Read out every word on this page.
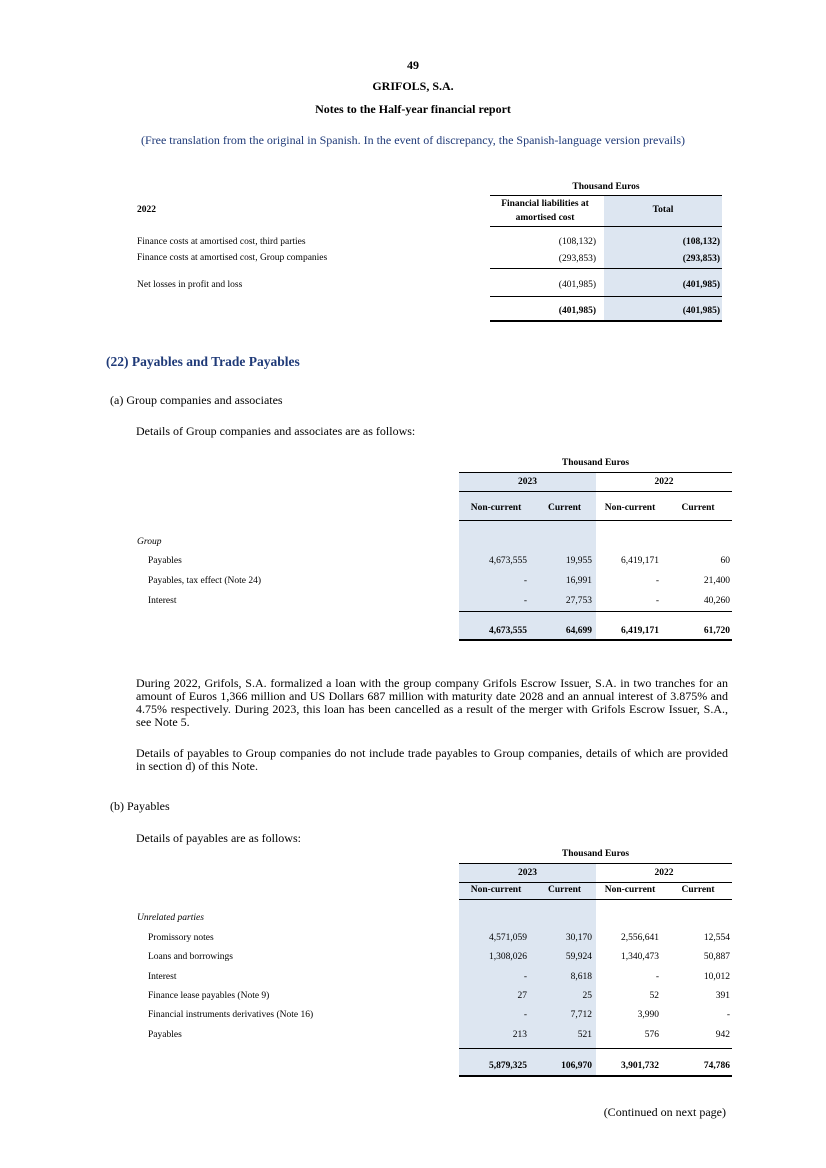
49
GRIFOLS, S.A.
Notes to the Half-year financial report
(Free translation from the original in Spanish. In the event of discrepancy, the Spanish-language version prevails)
Thousand Euros
2022
Financial liabilities at amortised cost
Total
Finance costs at amortised cost, third parties	(108,132)	(108,132)
Finance costs at amortised cost, Group companies	(293,853)	(293,853)
Net losses in profit and loss	(401,985)	(401,985)
(401,985)	(401,985)
(22) Payables and Trade Payables
(a) Group companies and associates
Details of Group companies and associates are as follows:
Thousand Euros
2023	2022
Non-current	Current	Non-current	Current
Group
Payables	4,673,555	19,955	6,419,171	60
Payables, tax effect (Note 24)	-	16,991	-	21,400
Interest	-	27,753	-	40,260
4,673,555	64,699	6,419,171	61,720
During 2022, Grifols, S.A. formalized a loan with the group company Grifols Escrow Issuer, S.A. in two tranches for an amount of Euros 1,366 million and US Dollars 687 million with maturity date 2028 and an annual interest of 3.875% and 4.75% respectively. During 2023, this loan has been cancelled as a result of the merger with Grifols Escrow Issuer, S.A., see Note 5.
Details of payables to Group companies do not include trade payables to Group companies, details of which are provided in section d) of this Note.
(b) Payables
Details of payables are as follows:
Thousand Euros
2023	2022
Non-current	Current	Non-current	Current
Unrelated parties
Promissory notes	4,571,059	30,170	2,556,641	12,554
Loans and borrowings	1,308,026	59,924	1,340,473	50,887
Interest	-	8,618	-	10,012
Finance lease payables (Note 9)	27	25	52	391
Financial instruments derivatives (Note 16)	-	7,712	3,990	-
Payables	213	521	576	942
5,879,325	106,970	3,901,732	74,786
(Continued on next page)
